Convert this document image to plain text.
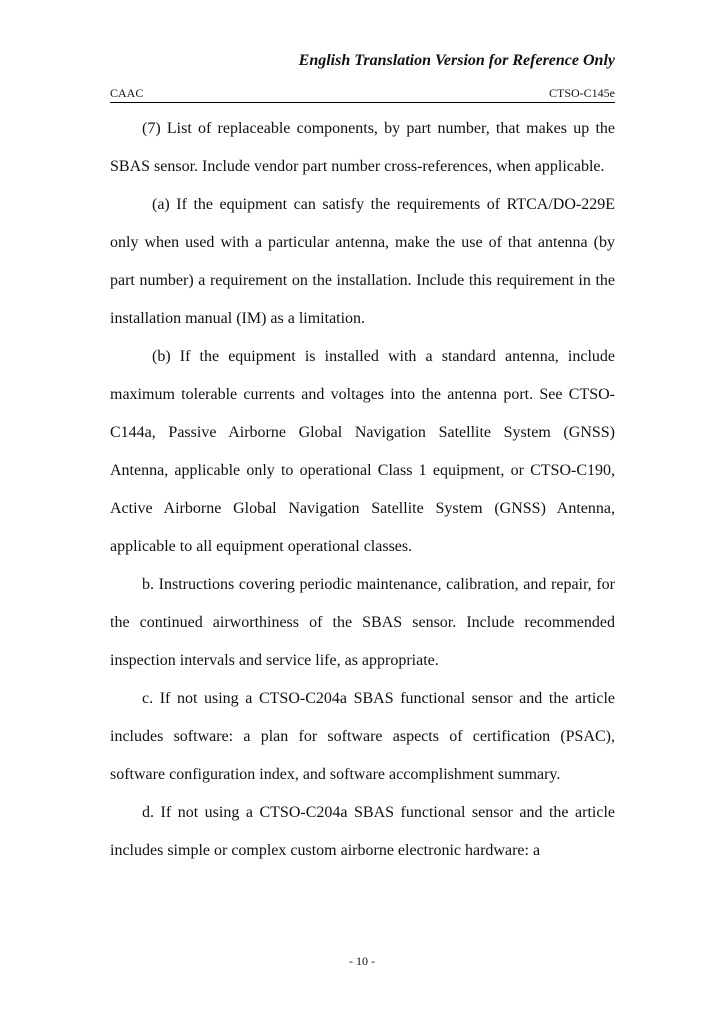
English Translation Version for Reference Only
CAAC	CTSO-C145e

(7) List of replaceable components, by part number, that makes up the SBAS sensor. Include vendor part number cross-references, when applicable.

(a) If the equipment can satisfy the requirements of RTCA/DO-229E only when used with a particular antenna, make the use of that antenna (by part number) a requirement on the installation. Include this requirement in the installation manual (IM) as a limitation.

(b) If the equipment is installed with a standard antenna, include maximum tolerable currents and voltages into the antenna port. See CTSO-C144a, Passive Airborne Global Navigation Satellite System (GNSS) Antenna, applicable only to operational Class 1 equipment, or CTSO-C190, Active Airborne Global Navigation Satellite System (GNSS) Antenna, applicable to all equipment operational classes.

b. Instructions covering periodic maintenance, calibration, and repair, for the continued airworthiness of the SBAS sensor. Include recommended inspection intervals and service life, as appropriate.

c. If not using a CTSO-C204a SBAS functional sensor and the article includes software: a plan for software aspects of certification (PSAC), software configuration index, and software accomplishment summary.

d. If not using a CTSO-C204a SBAS functional sensor and the article includes simple or complex custom airborne electronic hardware: a

- 10 -
